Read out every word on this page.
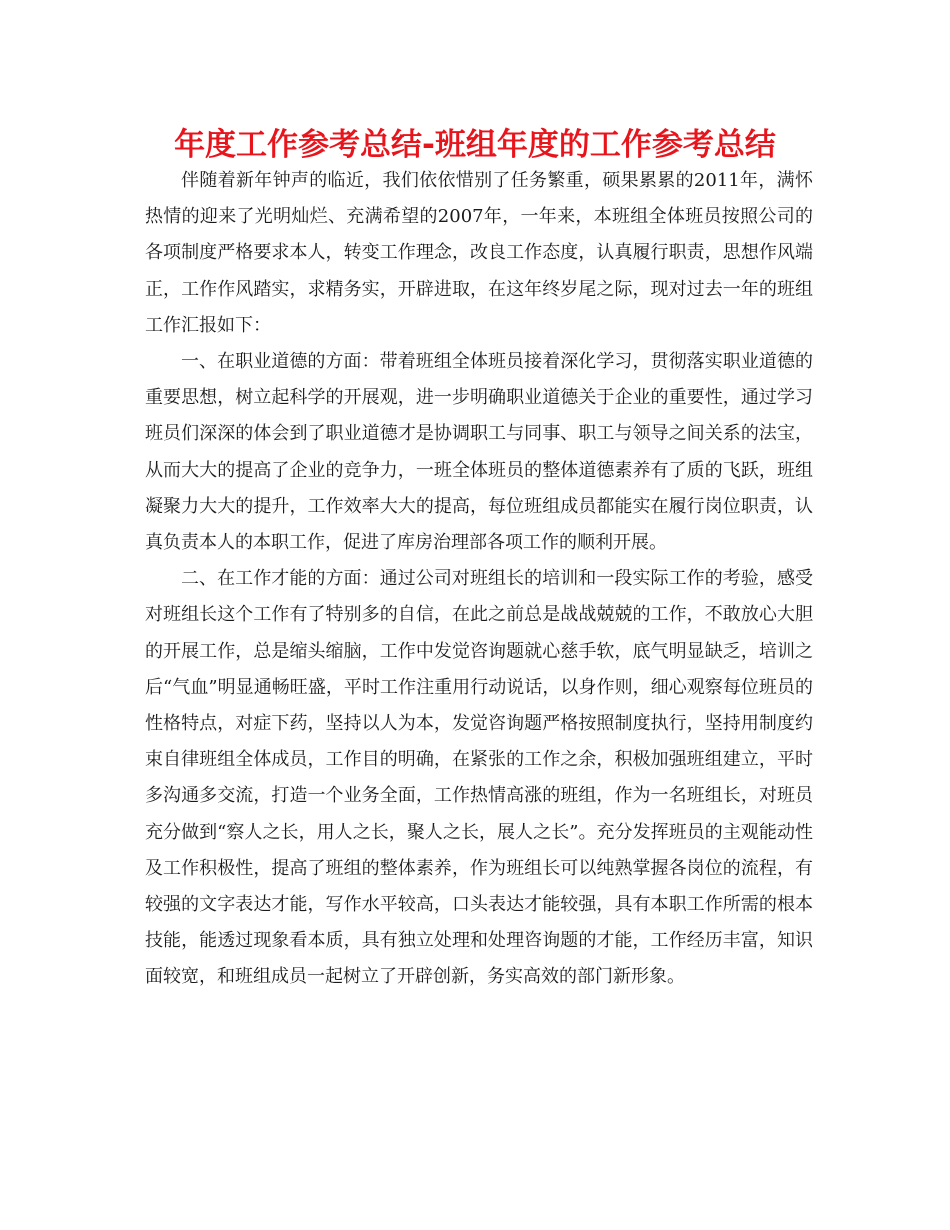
年度工作参考总结-班组年度的工作参考总结

伴随着新年钟声的临近，我们依依惜别了任务繁重，硕果累累的2011年，满怀热情的迎来了光明灿烂、充满希望的2007年，一年来，本班组全体班员按照公司的各项制度严格要求本人，转变工作理念，改良工作态度，认真履行职责，思想作风端正，工作作风踏实，求精务实，开辟进取，在这年终岁尾之际，现对过去一年的班组工作汇报如下：

一、在职业道德的方面：带着班组全体班员接着深化学习，贯彻落实职业道德的重要思想，树立起科学的开展观，进一步明确职业道德关于企业的重要性，通过学习班员们深深的体会到了职业道德才是协调职工与同事、职工与领导之间关系的法宝，从而大大的提高了企业的竞争力，一班全体班员的整体道德素养有了质的飞跃，班组凝聚力大大的提升，工作效率大大的提高，每位班组成员都能实在履行岗位职责，认真负责本人的本职工作，促进了库房治理部各项工作的顺利开展。

二、在工作才能的方面：通过公司对班组长的培训和一段实际工作的考验，感受对班组长这个工作有了特别多的自信，在此之前总是战战兢兢的工作，不敢放心大胆的开展工作，总是缩头缩脑，工作中发觉咨询题就心慈手软，底气明显缺乏，培训之后“气血”明显通畅旺盛，平时工作注重用行动说话，以身作则，细心观察每位班员的性格特点，对症下药，坚持以人为本，发觉咨询题严格按照制度执行，坚持用制度约束自律班组全体成员，工作目的明确，在紧张的工作之余，积极加强班组建立，平时多沟通多交流，打造一个业务全面，工作热情高涨的班组，作为一名班组长，对班员充分做到“察人之长，用人之长，聚人之长，展人之长”。充分发挥班员的主观能动性及工作积极性，提高了班组的整体素养，作为班组长可以纯熟掌握各岗位的流程，有较强的文字表达才能，写作水平较高，口头表达才能较强，具有本职工作所需的根本技能，能透过现象看本质，具有独立处理和处理咨询题的才能，工作经历丰富，知识面较宽，和班组成员一起树立了开辟创新，务实高效的部门新形象。
